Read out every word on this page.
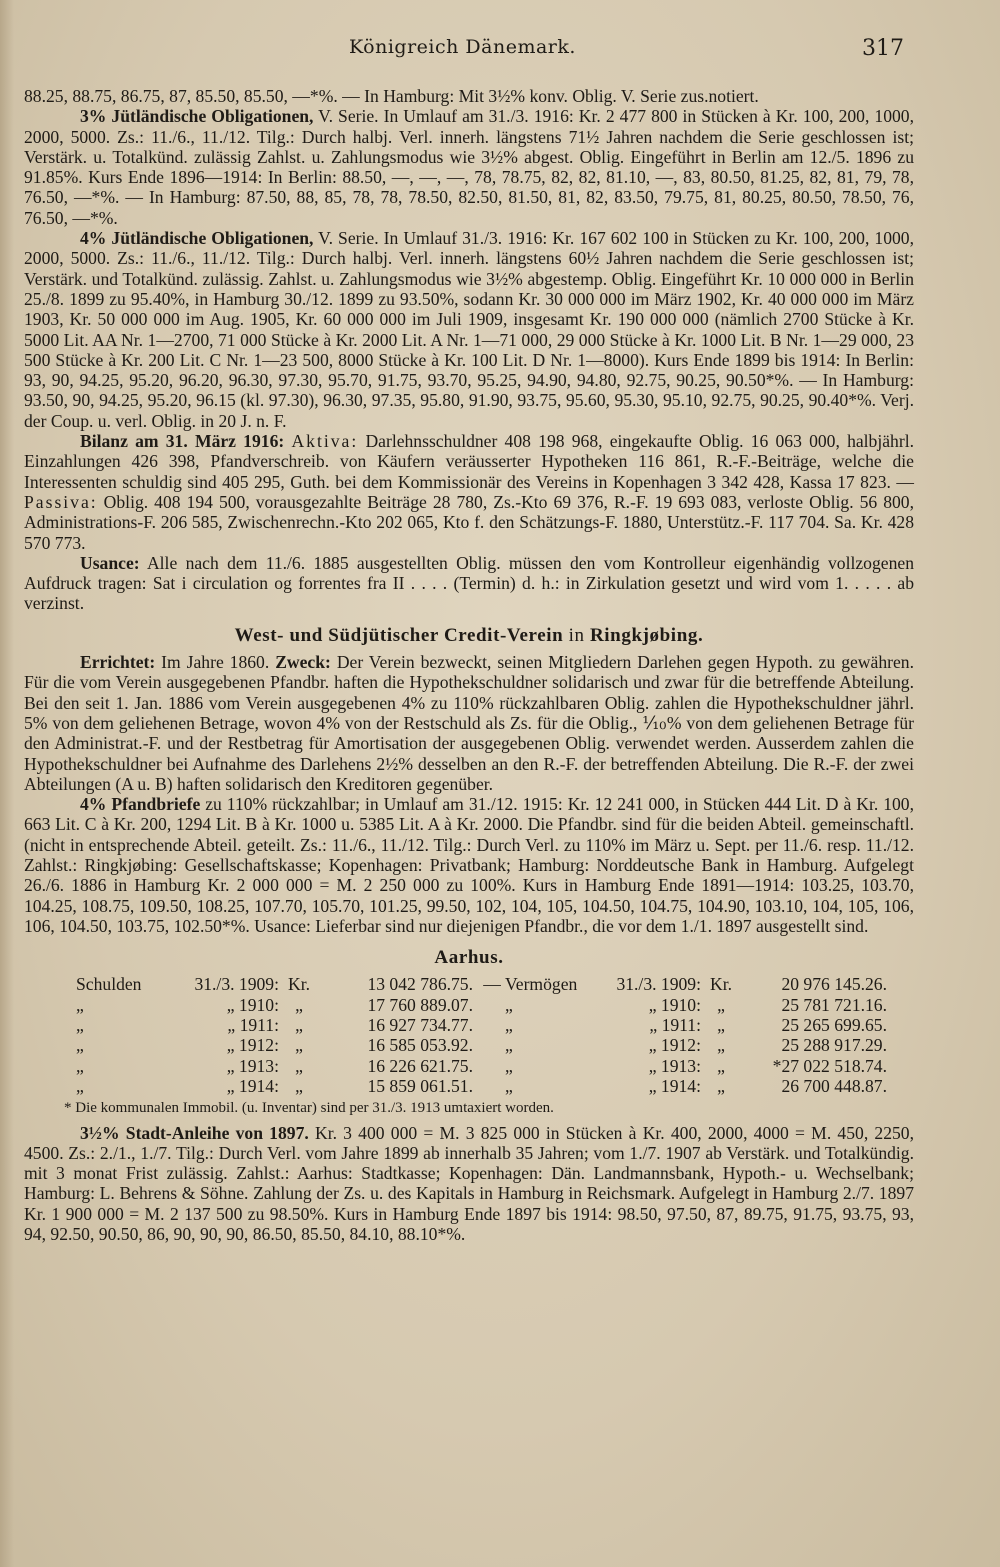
Königreich Dänemark.	317

88.25, 88.75, 86.75, 87, 85.50, 85.50, —*%. — In Hamburg: Mit 3½% konv. Oblig. V. Serie zus.notiert.

3% Jütländische Obligationen, V. Serie. In Umlauf am 31./3. 1916: Kr. 2 477 800 in Stücken à Kr. 100, 200, 1000, 2000, 5000. Zs.: 11./6., 11./12. Tilg.: Durch halbj. Verl. innerh. längstens 71½ Jahren nachdem die Serie geschlossen ist; Verstärk. u. Totalkünd. zulässig Zahlst. u. Zahlungsmodus wie 3½% abgest. Oblig. Eingeführt in Berlin am 12./5. 1896 zu 91.85%. Kurs Ende 1896—1914: In Berlin: 88.50, —, —, —, 78, 78.75, 82, 82, 81.10, —, 83, 80.50, 81.25, 82, 81, 79, 78, 76.50, —*%. — In Hamburg: 87.50, 88, 85, 78, 78, 78.50, 82.50, 81.50, 81, 82, 83.50, 79.75, 81, 80.25, 80.50, 78.50, 76, 76.50, —*%.

4% Jütländische Obligationen, V. Serie. In Umlauf 31./3. 1916: Kr. 167 602 100 in Stücken zu Kr. 100, 200, 1000, 2000, 5000. Zs.: 11./6., 11./12. Tilg.: Durch halbj. Verl. innerh. längstens 60½ Jahren nachdem die Serie geschlossen ist; Verstärk. und Totalkünd. zulässig. Zahlst. u. Zahlungsmodus wie 3½% abgestemp. Oblig. Eingeführt Kr. 10 000 000 in Berlin 25./8. 1899 zu 95.40%, in Hamburg 30./12. 1899 zu 93.50%, sodann Kr. 30 000 000 im März 1902, Kr. 40 000 000 im März 1903, Kr. 50 000 000 im Aug. 1905, Kr. 60 000 000 im Juli 1909, insgesamt Kr. 190 000 000 (nämlich 2700 Stücke à Kr. 5000 Lit. AA Nr. 1—2700, 71 000 Stücke à Kr. 2000 Lit. A Nr. 1—71 000, 29 000 Stücke à Kr. 1000 Lit. B Nr. 1—29 000, 23 500 Stücke à Kr. 200 Lit. C Nr. 1—23 500, 8000 Stücke à Kr. 100 Lit. D Nr. 1—8000). Kurs Ende 1899 bis 1914: In Berlin: 93, 90, 94.25, 95.20, 96.20, 96.30, 97.30, 95.70, 91.75, 93.70, 95.25, 94.90, 94.80, 92.75, 90.25, 90.50*%. — In Hamburg: 93.50, 90, 94.25, 95.20, 96.15 (kl. 97.30), 96.30, 97.35, 95.80, 91.90, 93.75, 95.60, 95.30, 95.10, 92.75, 90.25, 90.40*%. Verj. der Coup. u. verl. Oblig. in 20 J. n. F.

Bilanz am 31. März 1916: Aktiva: Darlehnsschuldner 408 198 968, eingekaufte Oblig. 16 063 000, halbjährl. Einzahlungen 426 398, Pfandverschreib. von Käufern veräusserter Hypotheken 116 861, R.-F.-Beiträge, welche die Interessenten schuldig sind 405 295, Guth. bei dem Kommissionär des Vereins in Kopenhagen 3 342 428, Kassa 17 823. — Passiva: Oblig. 408 194 500, vorausgezahlte Beiträge 28 780, Zs.-Kto 69 376, R.-F. 19 693 083, verloste Oblig. 56 800, Administrations-F. 206 585, Zwischenrechn.-Kto 202 065, Kto f. den Schätzungs-F. 1880, Unterstütz.-F. 117 704. Sa. Kr. 428 570 773.

Usance: Alle nach dem 11./6. 1885 ausgestellten Oblig. müssen den vom Kontrolleur eigenhändig vollzogenen Aufdruck tragen: Sat i circulation og forrentes fra II . . . . (Termin) d. h.: in Zirkulation gesetzt und wird vom 1. . . . . ab verzinst.

West- und Südjütischer Credit-Verein in Ringkjøbing.

Errichtet: Im Jahre 1860. Zweck: Der Verein bezweckt, seinen Mitgliedern Darlehen gegen Hypoth. zu gewähren. Für die vom Verein ausgegebenen Pfandbr. haften die Hypothekschuldner solidarisch und zwar für die betreffende Abteilung. Bei den seit 1. Jan. 1886 vom Verein ausgegebenen 4% zu 110% rückzahlbaren Oblig. zahlen die Hypothekschuldner jährl. 5% von dem geliehenen Betrage, wovon 4% von der Restschuld als Zs. für die Oblig., ⅒% von dem geliehenen Betrage für den Administrat.-F. und der Restbetrag für Amortisation der ausgegebenen Oblig. verwendet werden. Ausserdem zahlen die Hypothekschuldner bei Aufnahme des Darlehens 2½% desselben an den R.-F. der betreffenden Abteilung. Die R.-F. der zwei Abteilungen (A u. B) haften solidarisch den Kreditoren gegenüber.

4% Pfandbriefe zu 110% rückzahlbar; in Umlauf am 31./12. 1915: Kr. 12 241 000, in Stücken 444 Lit. D à Kr. 100, 663 Lit. C à Kr. 200, 1294 Lit. B à Kr. 1000 u. 5385 Lit. A à Kr. 2000. Die Pfandbr. sind für die beiden Abteil. gemeinschaftl. (nicht in entsprechende Abteil. geteilt. Zs.: 11./6., 11./12. Tilg.: Durch Verl. zu 110% im März u. Sept. per 11./6. resp. 11./12. Zahlst.: Ringkjøbing: Gesellschaftskasse; Kopenhagen: Privatbank; Hamburg: Norddeutsche Bank in Hamburg. Aufgelegt 26./6. 1886 in Hamburg Kr. 2 000 000 = M. 2 250 000 zu 100%. Kurs in Hamburg Ende 1891—1914: 103.25, 103.70, 104.25, 108.75, 109.50, 108.25, 107.70, 105.70, 101.25, 99.50, 102, 104, 105, 104.50, 104.75, 104.90, 103.10, 104, 105, 106, 106, 104.50, 103.75, 102.50*%. Usance: Lieferbar sind nur diejenigen Pfandbr., die vor dem 1./1. 1897 ausgestellt sind.

Aarhus.
Schulden	31./3. 1909:	Kr.	13 042 786.75.	—	Vermögen	31./3. 1909:	Kr.	20 976 145.26.
„	„ 1910:	„	17 760 889.07.		„	„ 1910:	„	25 781 721.16.
„	„ 1911:	„	16 927 734.77.		„	„ 1911:	„	25 265 699.65.
„	„ 1912:	„	16 585 053.92.		„	„ 1912:	„	25 288 917.29.
„	„ 1913:	„	16 226 621.75.		„	„ 1913:	„	*27 022 518.74.
„	„ 1914:	„	15 859 061.51.		„	„ 1914:	„	26 700 448.87.
* Die kommunalen Immobil. (u. Inventar) sind per 31./3. 1913 umtaxiert worden.

3½% Stadt-Anleihe von 1897. Kr. 3 400 000 = M. 3 825 000 in Stücken à Kr. 400, 2000, 4000 = M. 450, 2250, 4500. Zs.: 2./1., 1./7. Tilg.: Durch Verl. vom Jahre 1899 ab innerhalb 35 Jahren; vom 1./7. 1907 ab Verstärk. und Totalkündig. mit 3 monat Frist zulässig. Zahlst.: Aarhus: Stadtkasse; Kopenhagen: Dän. Landmannsbank, Hypoth.- u. Wechselbank; Hamburg: L. Behrens & Söhne. Zahlung der Zs. u. des Kapitals in Hamburg in Reichsmark. Aufgelegt in Hamburg 2./7. 1897 Kr. 1 900 000 = M. 2 137 500 zu 98.50%. Kurs in Hamburg Ende 1897 bis 1914: 98.50, 97.50, 87, 89.75, 91.75, 93.75, 93, 94, 92.50, 90.50, 86, 90, 90, 90, 86.50, 85.50, 84.10, 88.10*%.
